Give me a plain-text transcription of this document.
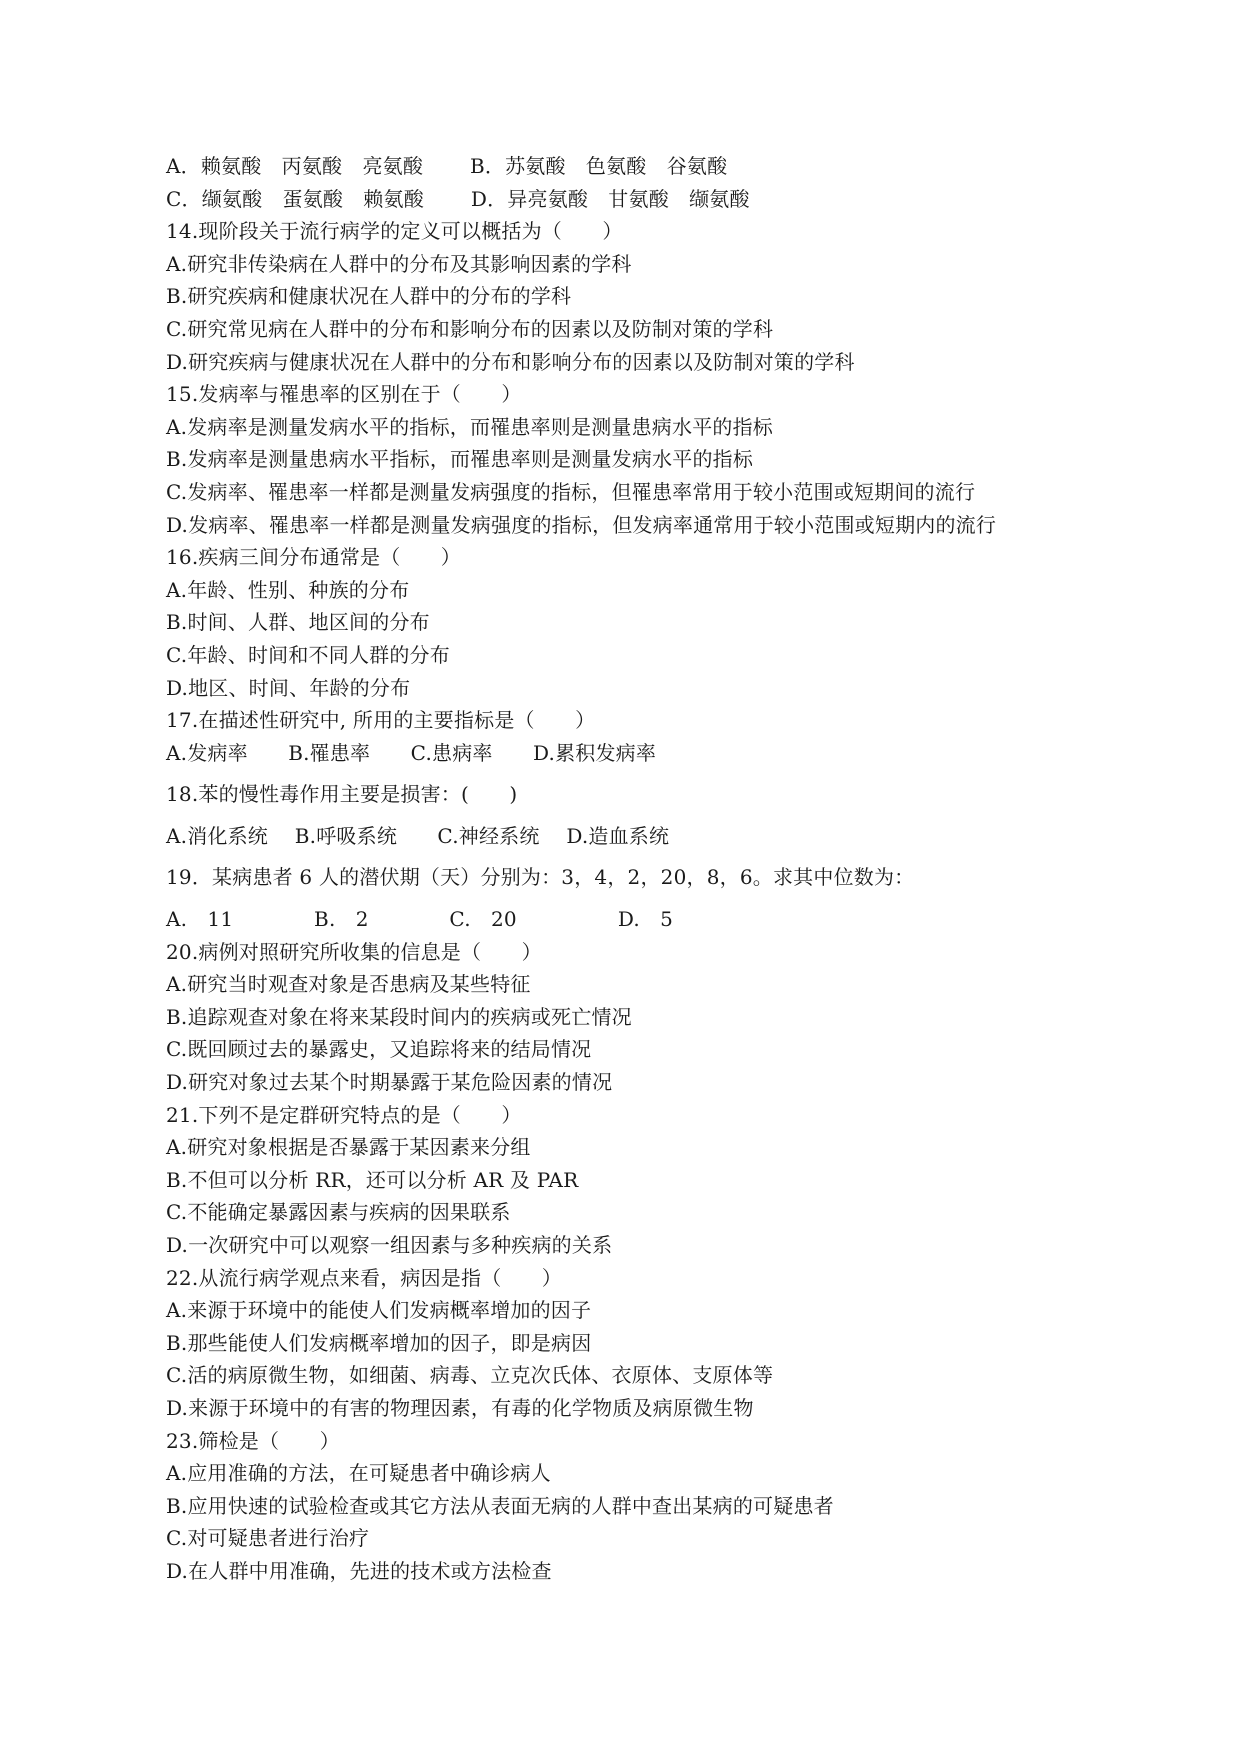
A．赖氨酸　丙氨酸　亮氨酸　　 B．苏氨酸　色氨酸　谷氨酸
C．缬氨酸　蛋氨酸　赖氨酸　　 D．异亮氨酸　甘氨酸　缬氨酸
14.现阶段关于流行病学的定义可以概括为（　　）
A.研究非传染病在人群中的分布及其影响因素的学科
B.研究疾病和健康状况在人群中的分布的学科
C.研究常见病在人群中的分布和影响分布的因素以及防制对策的学科
D.研究疾病与健康状况在人群中的分布和影响分布的因素以及防制对策的学科
15.发病率与罹患率的区别在于（　　）
A.发病率是测量发病水平的指标，而罹患率则是测量患病水平的指标
B.发病率是测量患病水平指标，而罹患率则是测量发病水平的指标
C.发病率、罹患率一样都是测量发病强度的指标，但罹患率常用于较小范围或短期间的流行
D.发病率、罹患率一样都是测量发病强度的指标，但发病率通常用于较小范围或短期内的流行
16.疾病三间分布通常是（　　）
A.年龄、性别、种族的分布
B.时间、人群、地区间的分布
C.年龄、时间和不同人群的分布
D.地区、时间、年龄的分布
17.在描述性研究中, 所用的主要指标是（　　）
A.发病率　　B.罹患率　　C.患病率　　D.累积发病率
18.苯的慢性毒作用主要是损害：(　　)
A.消化系统　 B.呼吸系统　　C.神经系统　 D.造血系统
19．某病患者 6 人的潜伏期（天）分别为：3，4，2，20，8，6。求其中位数为：
A.　11　　　　B.　2　　　　C.　20　　　　　D.　5
20.病例对照研究所收集的信息是（　　）
A.研究当时观查对象是否患病及某些特征
B.追踪观查对象在将来某段时间内的疾病或死亡情况
C.既回顾过去的暴露史，又追踪将来的结局情况
D.研究对象过去某个时期暴露于某危险因素的情况
21.下列不是定群研究特点的是（　　）
A.研究对象根据是否暴露于某因素来分组
B.不但可以分析 RR，还可以分析 AR 及 PAR
C.不能确定暴露因素与疾病的因果联系
D.一次研究中可以观察一组因素与多种疾病的关系
22.从流行病学观点来看，病因是指（　　）
A.来源于环境中的能使人们发病概率增加的因子
B.那些能使人们发病概率增加的因子，即是病因
C.活的病原微生物，如细菌、病毒、立克次氏体、衣原体、支原体等
D.来源于环境中的有害的物理因素，有毒的化学物质及病原微生物
23.筛检是（　　）
A.应用准确的方法，在可疑患者中确诊病人
B.应用快速的试验检查或其它方法从表面无病的人群中查出某病的可疑患者
C.对可疑患者进行治疗
D.在人群中用准确，先进的技术或方法检查
